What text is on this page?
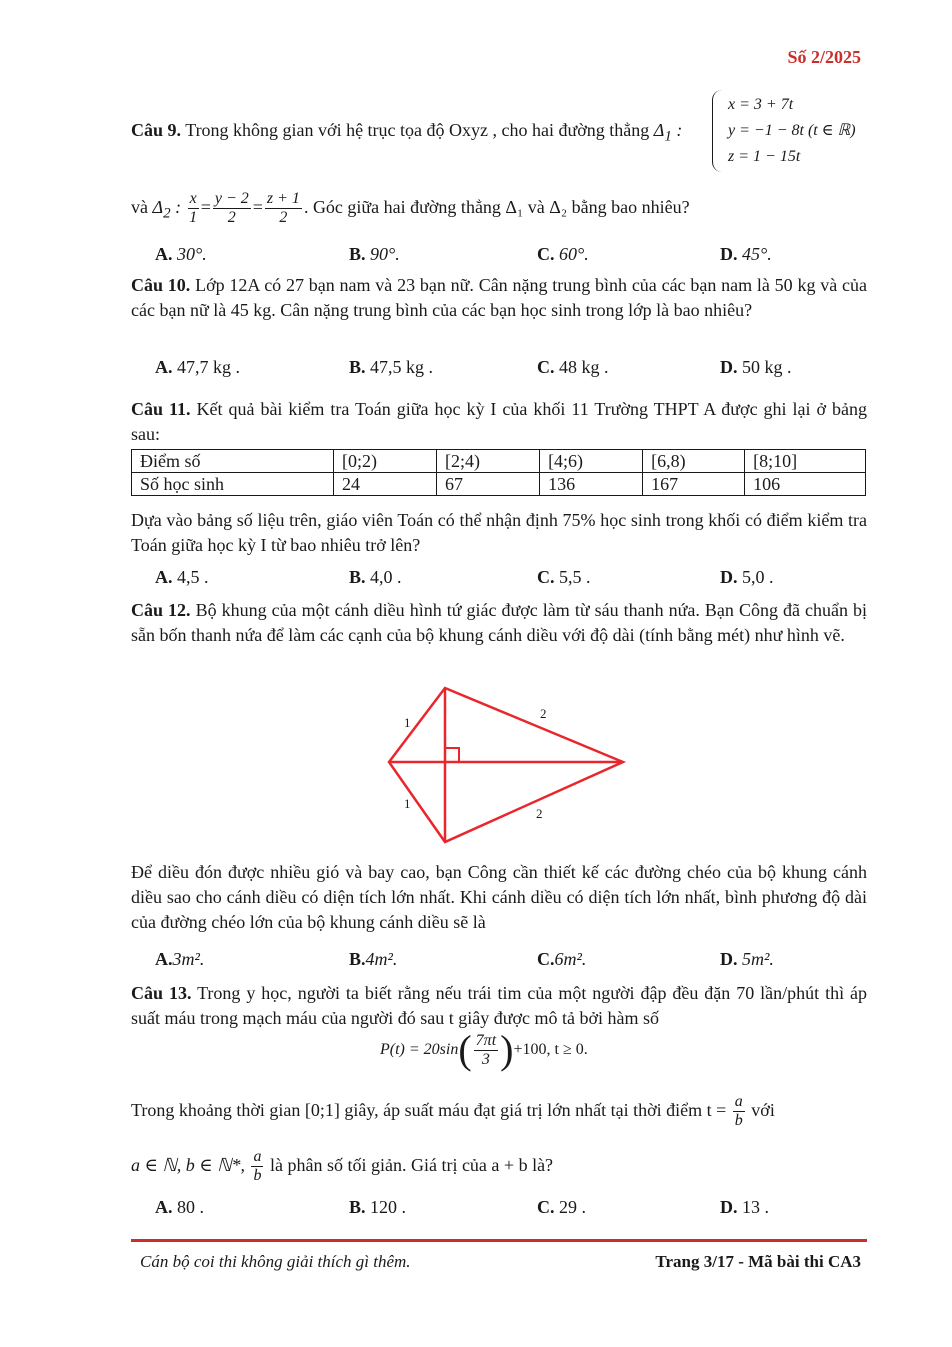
Số 2/2025
Câu 9. Trong không gian với hệ trục tọa độ Oxyz , cho hai đường thẳng $\Delta_1$ :
x = 3 + 7t
y = −1 − 8t (t ∈ ℝ)
z = 1 − 15t
và $\Delta_2$ : $\frac{x}{1} = \frac{y - 2}{2} = \frac{z + 1}{2}$ . Góc giữa hai đường thẳng Δ₁ và Δ₂ bằng bao nhiêu?
A. 30°.	B. 90°.	C. 60°.	D. 45°.
Câu 10. Lớp 12A có 27 bạn nam và 23 bạn nữ. Cân nặng trung bình của các bạn nam là 50 kg và của các bạn nữ là 45 kg. Cân nặng trung bình của các bạn học sinh trong lớp là bao nhiêu?
A. 47,7 kg .	B. 47,5 kg .	C. 48 kg .	D. 50 kg .
Câu 11. Kết quả bài kiểm tra Toán giữa học kỳ I của khối 11 Trường THPT A được ghi lại ở bảng sau:
Điểm số	[0;2)	[2;4)	[4;6)	[6,8)	[8;10]
Số học sinh	24	67	136	167	106
Dựa vào bảng số liệu trên, giáo viên Toán có thể nhận định 75% học sinh trong khối có điểm kiểm tra Toán giữa học kỳ I từ bao nhiêu trở lên?
A. 4,5 .	B. 4,0 .	C. 5,5 .	D. 5,0 .
Câu 12. Bộ khung của một cánh diều hình tứ giác được làm từ sáu thanh nứa. Bạn Công đã chuẩn bị sẵn bốn thanh nứa để làm các cạnh của bộ khung cánh diều với độ dài (tính bằng mét) như hình vẽ.
1
2
1
2
Để diều đón được nhiều gió và bay cao, bạn Công cần thiết kế các đường chéo của bộ khung cánh diều sao cho cánh diều có diện tích lớn nhất. Khi cánh diều có diện tích lớn nhất, bình phương độ dài của đường chéo lớn của bộ khung cánh diều sẽ là
A.3m².	B.4m².	C.6m².	D. 5m².
Câu 13. Trong y học, người ta biết rằng nếu trái tim của một người đập đều đặn 70 lần/phút thì áp suất máu trong mạch máu của người đó sau t giây được mô tả bởi hàm số
P(t) = 20sin ( $\frac{7\pi t}{3}$ ) +100, t ≥ 0.
Trong khoảng thời gian [0;1] giây, áp suất máu đạt giá trị lớn nhất tại thời điểm $t = \frac{a}{b}$ với
a ∈ ℕ, b ∈ ℕ*, $\frac{a}{b}$ là phân số tối giản. Giá trị của a + b là?
A. 80 .	B. 120 .	C. 29 .	D. 13 .
Cán bộ coi thi không giải thích gì thêm.	Trang 3/17 - Mã bài thi CA3
